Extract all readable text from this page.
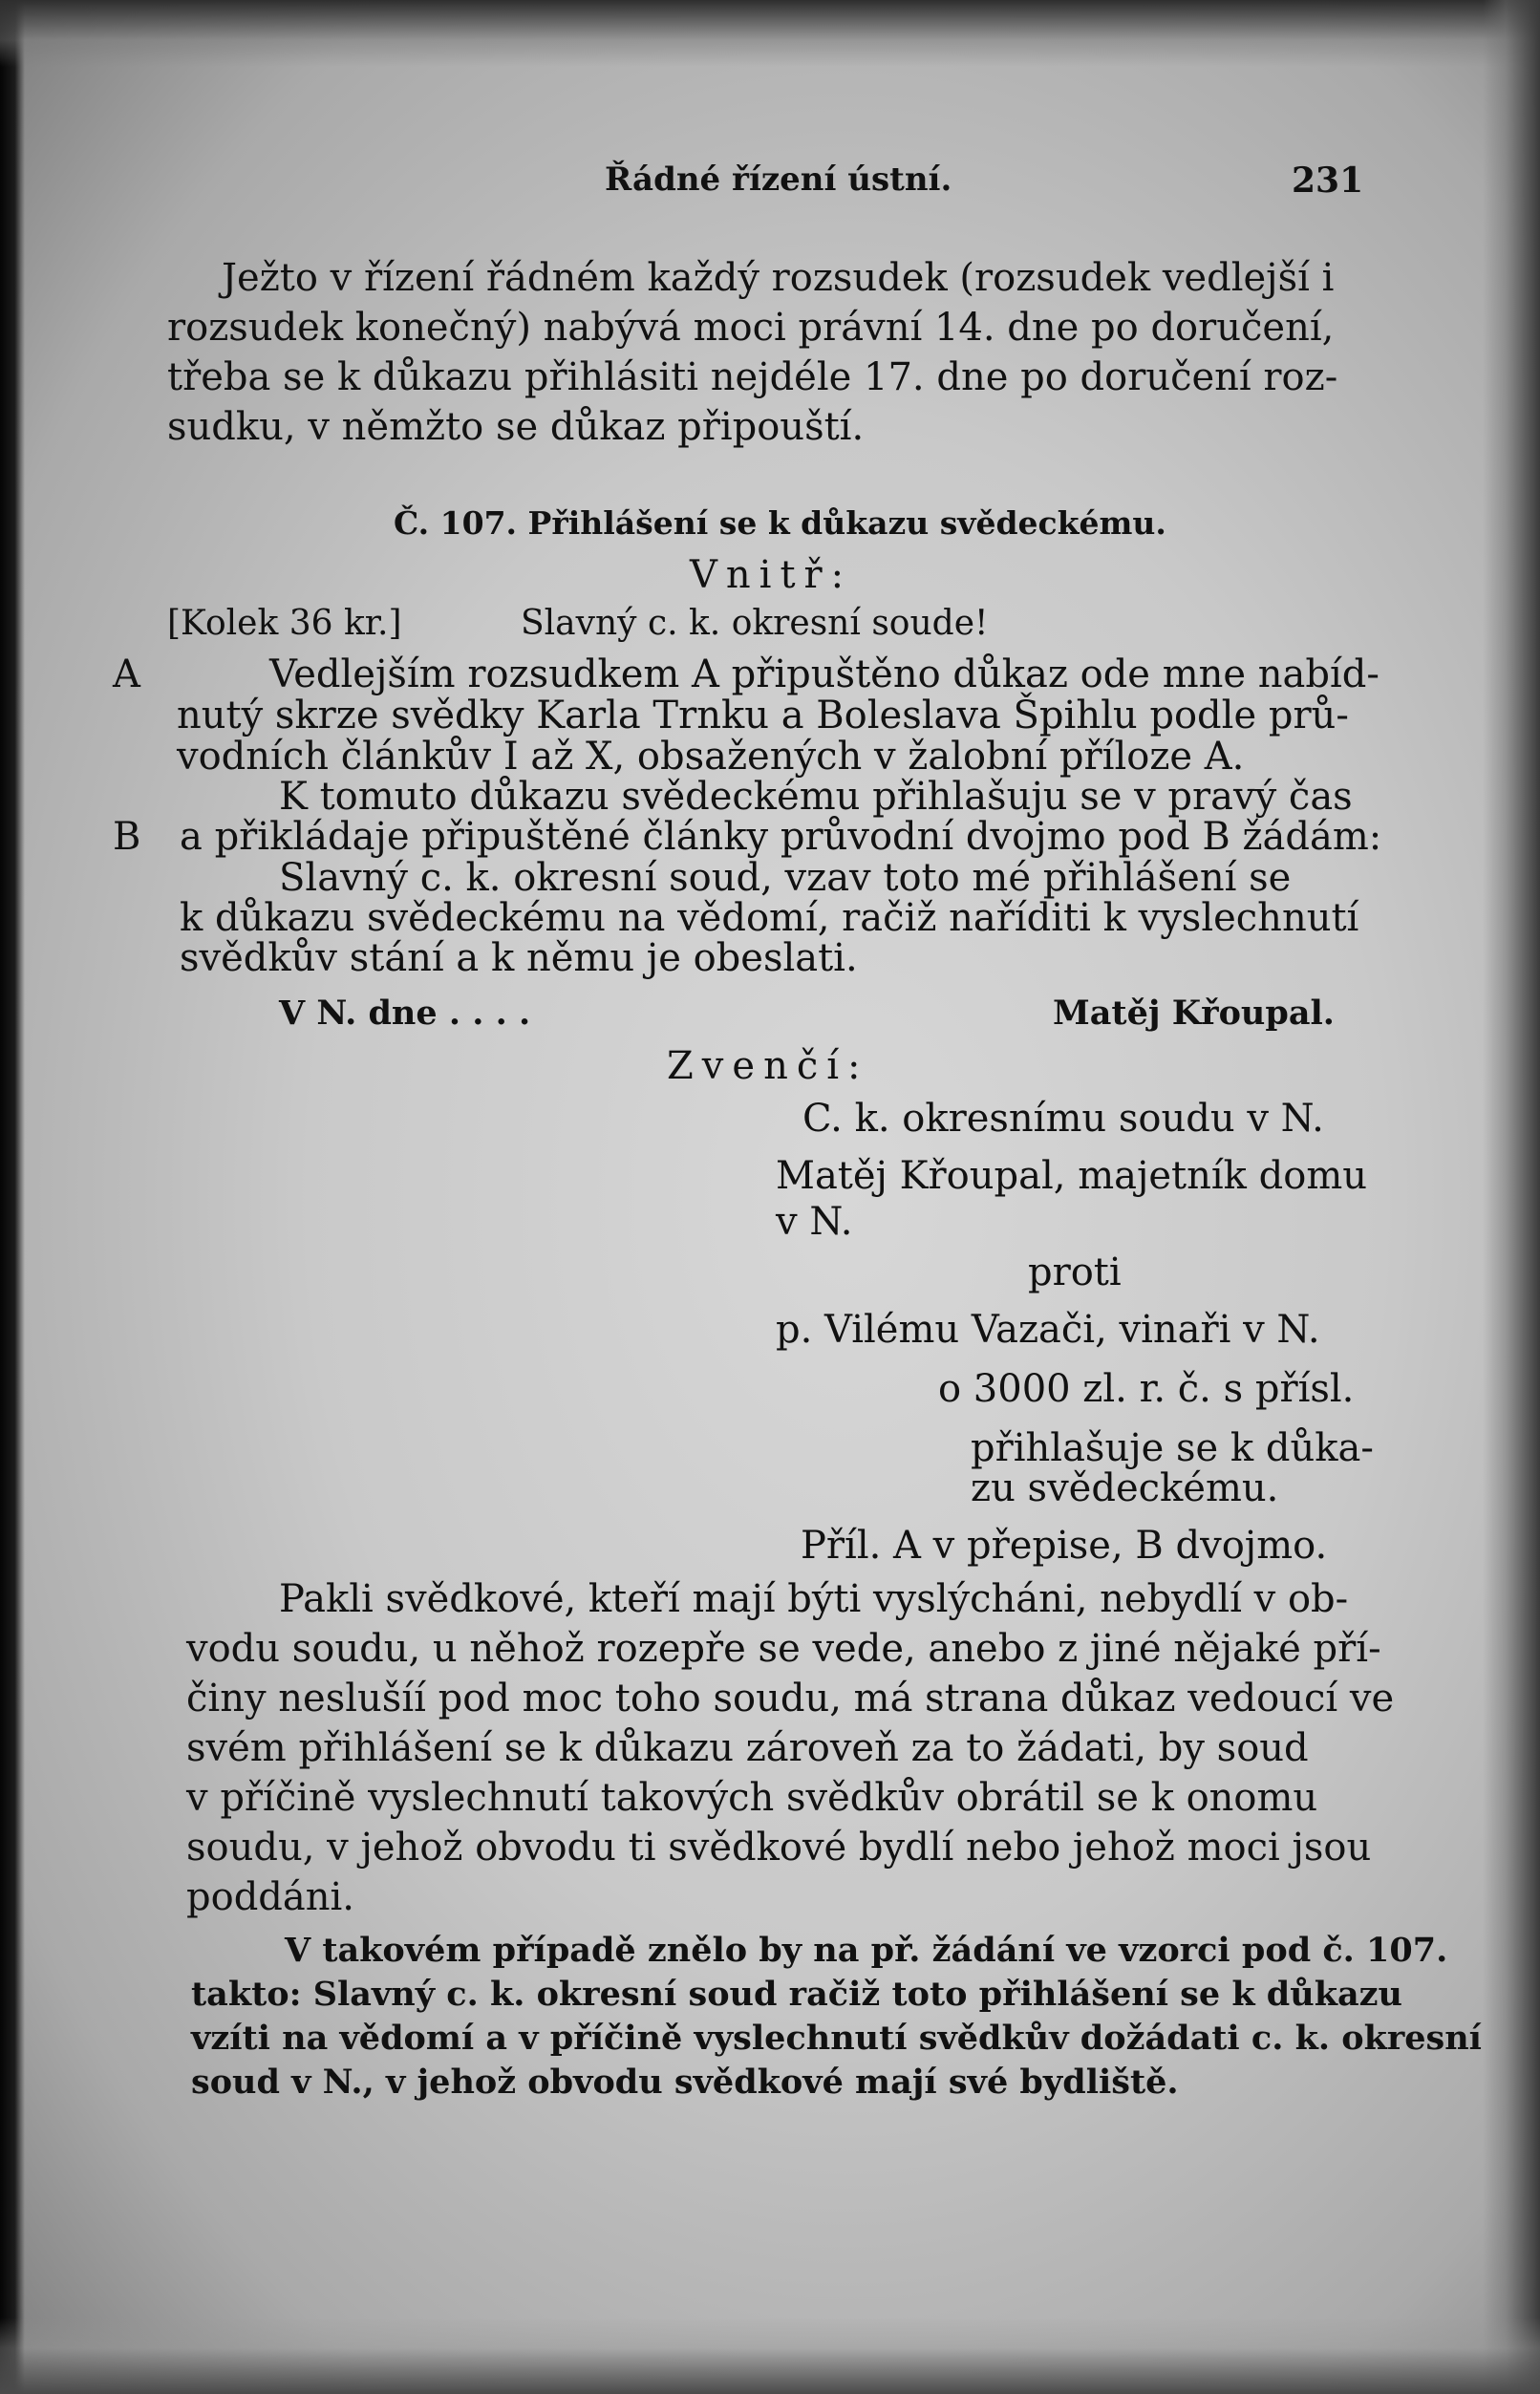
Řádné řízení ústní.	231
Ježto v řízení řádném každý rozsudek (rozsudek vedlejší i
rozsudek konečný) nabývá moci právní 14. dne po doručení,
třeba se k důkazu přihlásiti nejdéle 17. dne po doručení roz-
sudku, v němžto se důkaz připouští.
Č. 107. Přihlášení se k důkazu svědeckému.
Vnitř:
[Kolek 36 kr.]	Slavný c. k. okresní soude!
A
B
Vedlejším rozsudkem A připuštěno důkaz ode mne nabíd-
nutý skrze svědky Karla Trnku a Boleslava Špihlu podle prů-
vodních článkův I až X, obsažených v žalobní příloze A.
K tomuto důkazu svědeckému přihlašuju se v pravý čas
a přikládaje připuštěné články průvodní dvojmo pod B žádám:
Slavný c. k. okresní soud, vzav toto mé přihlášení se
k důkazu svědeckému na vědomí, račiž naříditi k vyslechnutí
svědkův stání a k němu je obeslati.
V N. dne . . . .	Matěj Křoupal.
Zvenčí:
C. k. okresnímu soudu v N.
Matěj Křoupal, majetník domu
v N.
proti
p. Vilému Vazači, vinaři v N.
o 3000 zl. r. č. s přísl.
přihlašuje se k důka-
zu svědeckému.
Příl. A v přepise, B dvojmo.
Pakli svědkové, kteří mají býti vyslýcháni, nebydlí v ob-
vodu soudu, u něhož rozepře se vede, anebo z jiné nějaké pří-
činy neslušíí pod moc toho soudu, má strana důkaz vedoucí ve
svém přihlášení se k důkazu zároveň za to žádati, by soud
v příčině vyslechnutí takových svědkův obrátil se k onomu
soudu, v jehož obvodu ti svědkové bydlí nebo jehož moci jsou
poddáni.
V takovém případě znělo by na př. žádání ve vzorci pod č. 107.
takto: Slavný c. k. okresní soud račiž toto přihlášení se k důkazu
vzíti na vědomí a v příčině vyslechnutí svědkův dožádati c. k. okresní
soud v N., v jehož obvodu svědkové mají své bydliště.
